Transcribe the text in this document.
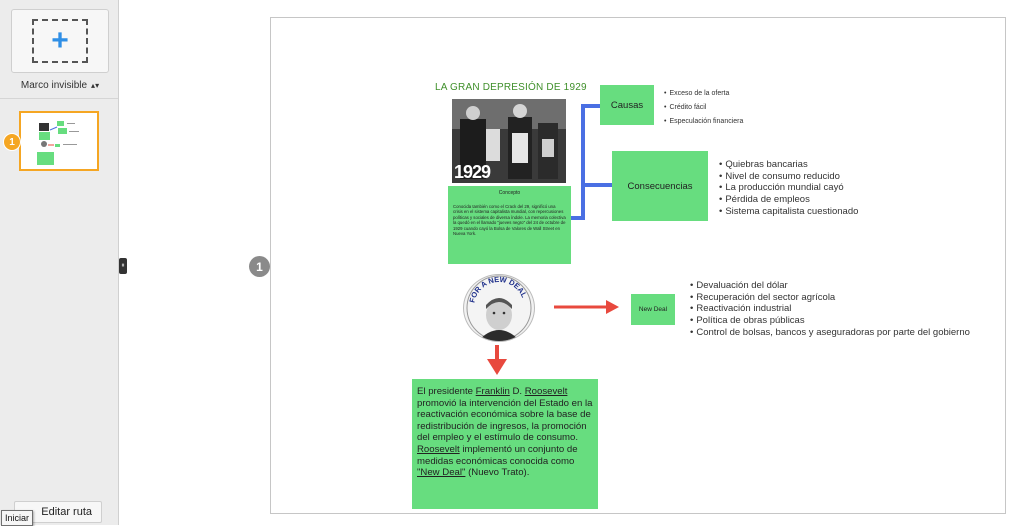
+
Marco invisible ▴▾
1
Editar ruta
Iniciar
⏸	1
LA GRAN DEPRESIÓN DE 1929
1929
Concepto
Conocida también como el Crack del 29, significó una crisis en el sistema capitalista mundial, con repercusiones políticas y sociales de diversa índole. La memoria colectiva la quedó en el llamado "jueves negro" del 24 de octubre de 1929 cuando cayó la Bolsa de Valores de Wall Street en Nueva York.
Causas
Consecuencias
• Exceso de la oferta
• Crédito fácil
• Especulación financiera
• Quiebras bancarias
• Nivel de consumo reducido
• La producción mundial cayó
• Pérdida de empleos
• Sistema capitalista cuestionado
FOR A NEW DEAL
New Deal
• Devaluación del dólar
• Recuperación del sector agrícola
• Reactivación industrial
• Política de obras públicas
• Control de bolsas, bancos y aseguradoras por parte del gobierno
El presidente Franklin D. Roosevelt promovió la intervención del Estado en la reactivación económica sobre la base de redistribución de ingresos, la promoción del empleo y el estímulo de consumo.
Roosevelt implementó un conjunto de medidas económicas conocida como "New Deal" (Nuevo Trato).
